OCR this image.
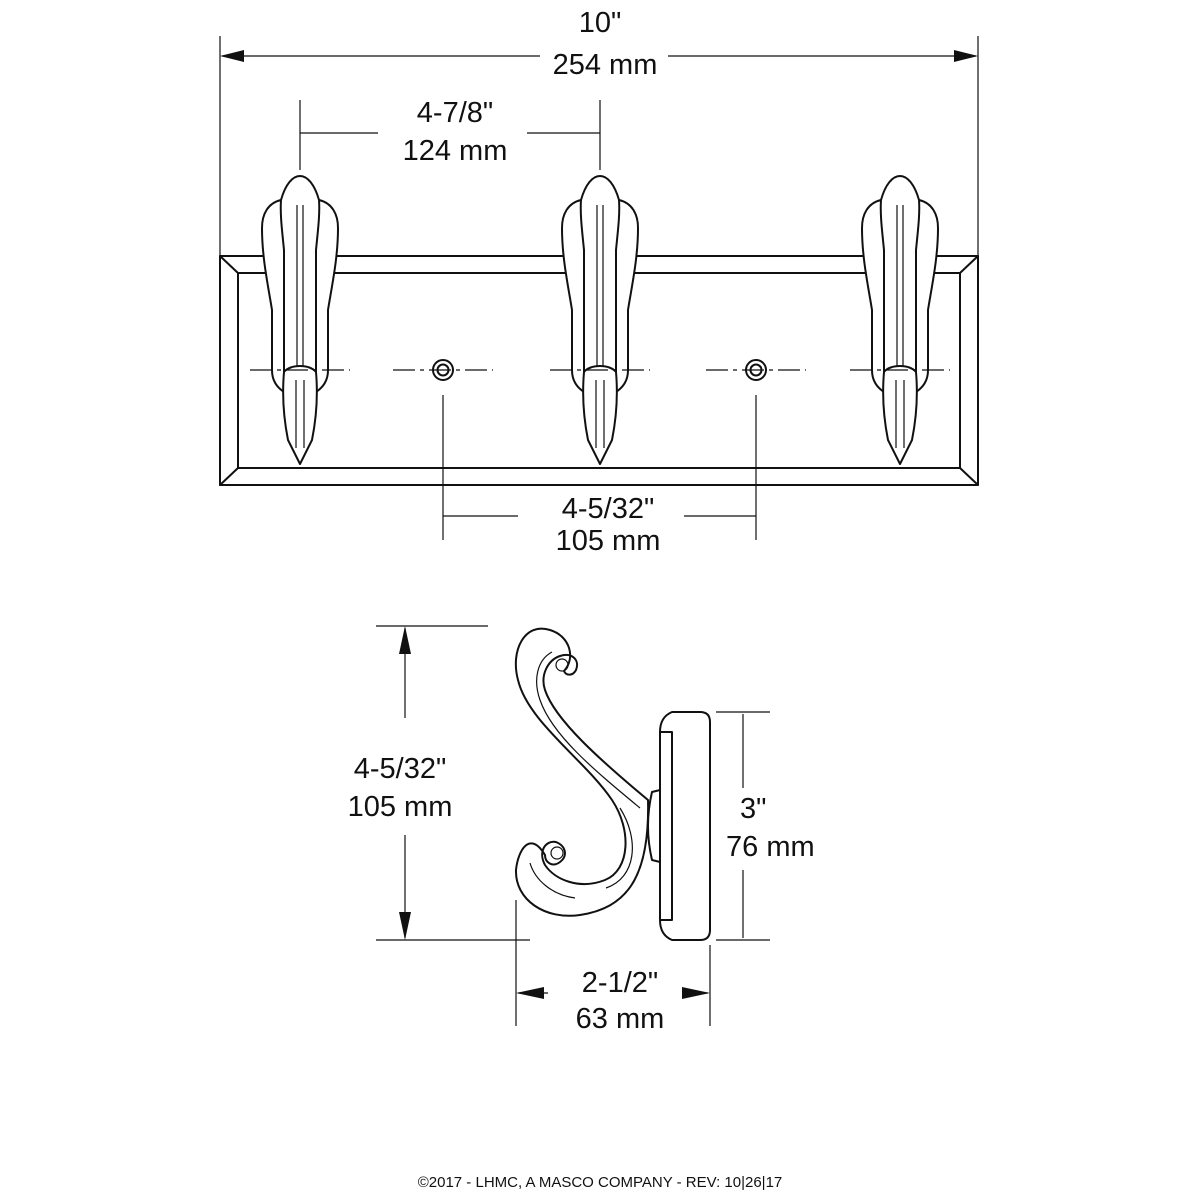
10"
254 mm
4-7/8"
124 mm
4-5/32"
105 mm
4-5/32"
105 mm	3"
76 mm
2-1/2"
63 mm
©2017 - LHMC, A MASCO COMPANY - REV: 10|26|17
